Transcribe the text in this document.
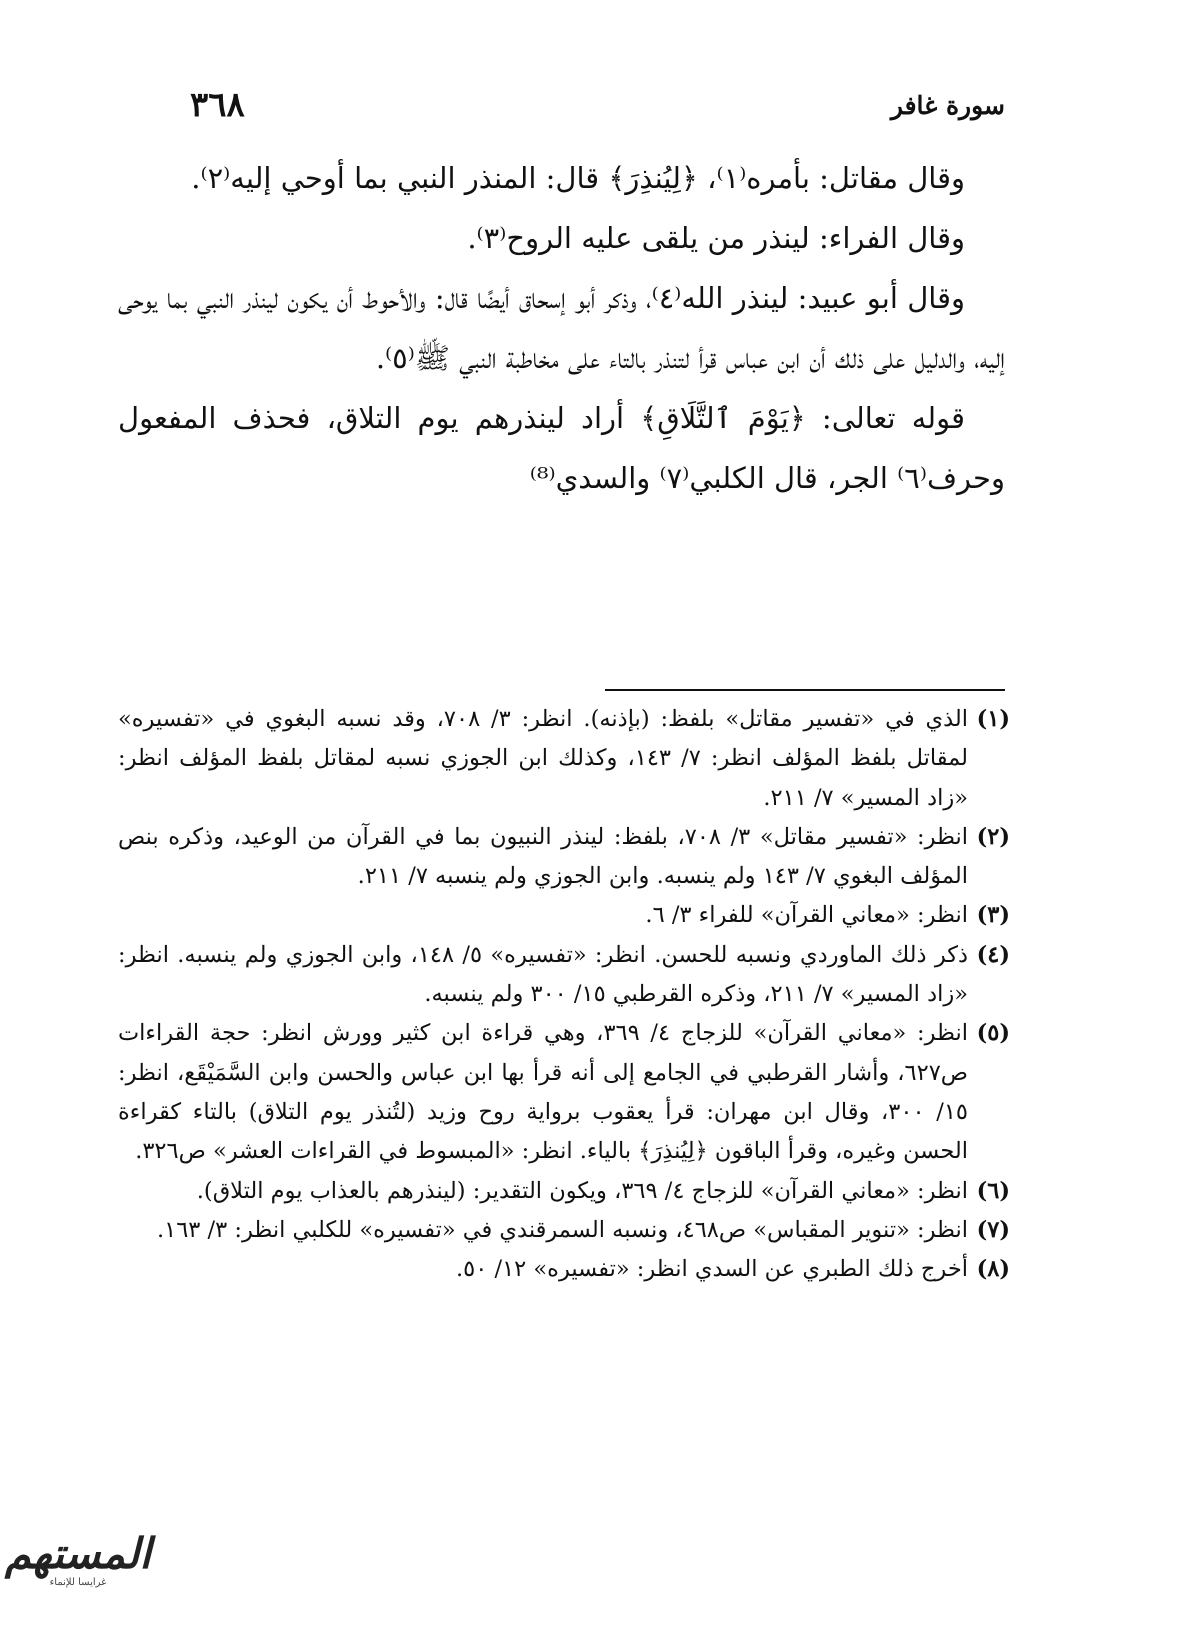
سورة غافر
٣٦٨

وقال مقاتل: بأمره⁽١⁾، ﴿لِيُنذِرَ﴾ قال: المنذر النبي بما أوحي إليه⁽٢⁾.

وقال الفراء: لينذر من يلقى عليه الروح⁽٣⁾.

وقال أبو عبيد: لينذر الله⁽٤⁾، وذكر أبو إسحاق أيضًا قال: والأحوط أن يكون لينذر النبي بما يوحى إليه، والدليل على ذلك أن ابن عباس قرأ لتنذر بالتاء على مخاطبة النبي ﷺ⁽٥⁾.

قوله تعالى: ﴿يَوْمَ ٱلتَّلَاقِ﴾ أراد لينذرهم يوم التلاق، فحذف المفعول وحرف⁽٦⁾ الجر، قال الكلبي⁽٧⁾ والسدي⁽⁸⁾

(١)
الذي في «تفسير مقاتل» بلفظ: (بإذنه). انظر: ٣/ ٧٠٨، وقد نسبه البغوي في «تفسيره» لمقاتل بلفظ المؤلف انظر: ٧/ ١٤٣، وكذلك ابن الجوزي نسبه لمقاتل بلفظ المؤلف انظر: «زاد المسير» ٧/ ٢١١.
(٢)
انظر: «تفسير مقاتل» ٣/ ٧٠٨، بلفظ: لينذر النبيون بما في القرآن من الوعيد، وذكره بنص المؤلف البغوي ٧/ ١٤٣ ولم ينسبه. وابن الجوزي ولم ينسبه ٧/ ٢١١.
(٣)
انظر: «معاني القرآن» للفراء ٣/ ٦.
(٤)
ذكر ذلك الماوردي ونسبه للحسن. انظر: «تفسيره» ٥/ ١٤٨، وابن الجوزي ولم ينسبه. انظر: «زاد المسير» ٧/ ٢١١، وذكره القرطبي ١٥/ ٣٠٠ ولم ينسبه.
(٥)
انظر: «معاني القرآن» للزجاج ٤/ ٣٦٩، وهي قراءة ابن كثير وورش انظر: حجة القراءات ص٦٢٧، وأشار القرطبي في الجامع إلى أنه قرأ بها ابن عباس والحسن وابن السَّمَيْقَع، انظر: ١٥/ ٣٠٠، وقال ابن مهران: قرأ يعقوب برواية روح وزيد (لتُنذر يوم التلاق) بالتاء كقراءة الحسن وغيره، وقرأ الباقون ﴿لِيُنذِرَ﴾ بالياء. انظر: «المبسوط في القراءات العشر» ص٣٢٦.
(٦)
انظر: «معاني القرآن» للزجاج ٤/ ٣٦٩، ويكون التقدير: (لينذرهم بالعذاب يوم التلاق).
(٧)
انظر: «تنوير المقباس» ص٤٦٨، ونسبه السمرقندي في «تفسيره» للكلبي انظر: ٣/ ١٦٣.
(٨)
أخرج ذلك الطبري عن السدي انظر: «تفسيره» ١٢/ ٥٠.
المستهم
غرايسا للإنماء
